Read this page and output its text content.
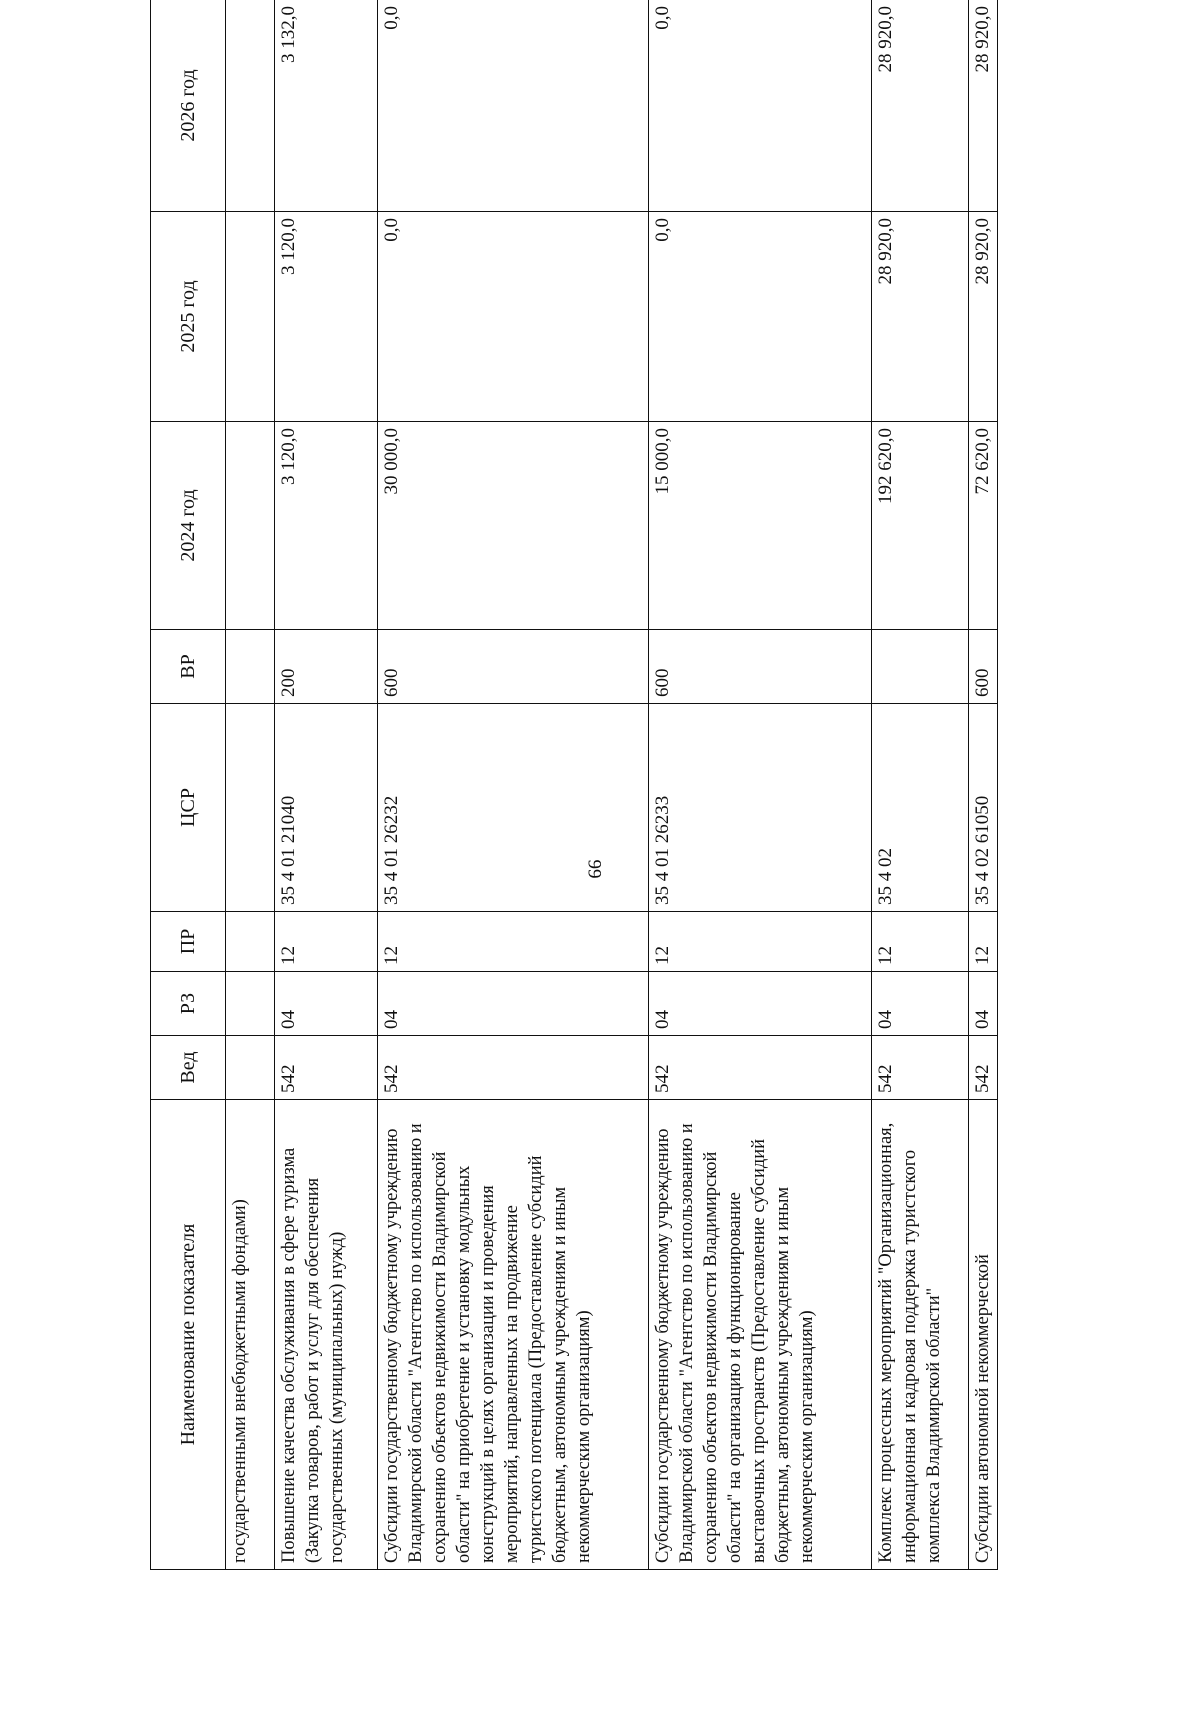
99
Наименование показателя	Вед	РЗ	ПР	ЦСР	ВР	2024 год	2025 год	2026 год
государственными внебюджетными фондами)								
Повышение качества обслуживания в сфере туризма (Закупка товаров, работ и услуг для обеспечения государственных (муниципальных) нужд)	542	04	12	35 4 01 21040	200	3 120,0	3 120,0	3 132,0
Субсидии государственному бюджетному учреждению Владимирской области "Агентство по использованию и сохранению объектов недвижимости Владимирской области" на приобретение и установку модульных конструкций в целях организации и проведения мероприятий, направленных на продвижение туристского потенциала (Предоставление субсидий бюджетным, автономным учреждениям и иным некоммерческим организациям)	542	04	12	35 4 01 26232	600	30 000,0	0,0	0,0
Субсидии государственному бюджетному учреждению Владимирской области "Агентство по использованию и сохранению объектов недвижимости Владимирской области" на организацию и функционирование выставочных пространств (Предоставление субсидий бюджетным, автономным учреждениям и иным некоммерческим организациям)	542	04	12	35 4 01 26233	600	15 000,0	0,0	0,0
Комплекс процессных мероприятий "Организационная, информационная и кадровая поддержка туристского комплекса Владимирской области"	542	04	12	35 4 02		192 620,0	28 920,0	28 920,0
Субсидии автономной некоммерческой	542	04	12	35 4 02 61050	600	72 620,0	28 920,0	28 920,0
